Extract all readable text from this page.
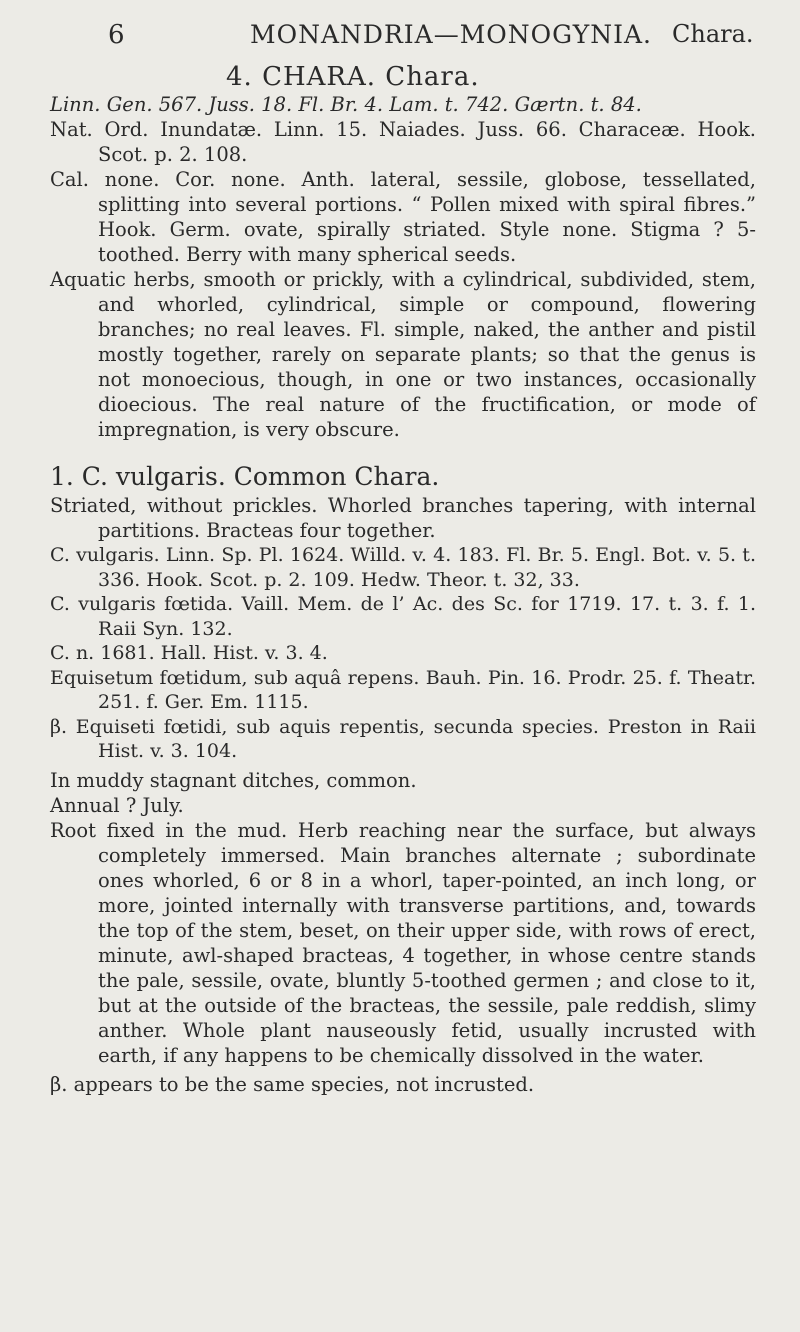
6	MONANDRIA—MONOGYNIA. Chara.
4. CHARA. Chara.

Linn. Gen. 567. Juss. 18. Fl. Br. 4. Lam. t. 742. Gærtn. t. 84.

Nat. Ord. Inundatæ. Linn. 15. Naiades. Juss. 66. Characeæ. Hook. Scot. p. 2. 108.

Cal. none. Cor. none. Anth. lateral, sessile, globose, tessellated, splitting into several portions. “ Pollen mixed with spiral fibres.” Hook. Germ. ovate, spirally striated. Style none. Stigma ? 5-toothed. Berry with many spherical seeds.

Aquatic herbs, smooth or prickly, with a cylindrical, subdivided, stem, and whorled, cylindrical, simple or compound, flowering branches; no real leaves. Fl. simple, naked, the anther and pistil mostly together, rarely on separate plants; so that the genus is not monoecious, though, in one or two instances, occasionally dioecious. The real nature of the fructification, or mode of impregnation, is very obscure.

1. C. vulgaris. Common Chara.

Striated, without prickles. Whorled branches tapering, with internal partitions. Bracteas four together.

C. vulgaris. Linn. Sp. Pl. 1624. Willd. v. 4. 183. Fl. Br. 5. Engl. Bot. v. 5. t. 336. Hook. Scot. p. 2. 109. Hedw. Theor. t. 32, 33.

C. vulgaris fœtida. Vaill. Mem. de l’ Ac. des Sc. for 1719. 17. t. 3. f. 1. Raii Syn. 132.

C. n. 1681. Hall. Hist. v. 3. 4.

Equisetum fœtidum, sub aquâ repens. Bauh. Pin. 16. Prodr. 25. f. Theatr. 251. f. Ger. Em. 1115.

β. Equiseti fœtidi, sub aquis repentis, secunda species. Preston in Raii Hist. v. 3. 104.

In muddy stagnant ditches, common.

Annual ? July.

Root fixed in the mud. Herb reaching near the surface, but always completely immersed. Main branches alternate ; subordinate ones whorled, 6 or 8 in a whorl, taper-pointed, an inch long, or more, jointed internally with transverse partitions, and, towards the top of the stem, beset, on their upper side, with rows of erect, minute, awl-shaped bracteas, 4 together, in whose centre stands the pale, sessile, ovate, bluntly 5-toothed germen ; and close to it, but at the outside of the bracteas, the sessile, pale reddish, slimy anther. Whole plant nauseously fetid, usually incrusted with earth, if any happens to be chemically dissolved in the water.

β. appears to be the same species, not incrusted.
